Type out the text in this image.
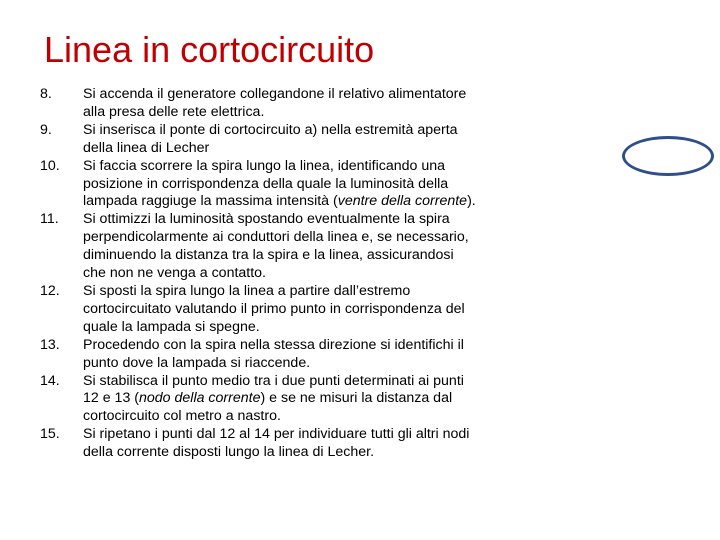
Linea in cortocircuito
8. Si accenda il generatore collegandone il relativo alimentatore alla presa delle rete elettrica.
9. Si inserisca il ponte di cortocircuito a) nella estremità aperta della linea di Lecher
10. Si faccia scorrere la spira lungo la linea, identificando una posizione in corrispondenza della quale la luminosità della lampada raggiuge la massima intensità (ventre della corrente).
11. Si ottimizzi la luminosità spostando eventualmente la spira perpendicolarmente ai conduttori della linea e, se necessario, diminuendo la distanza tra la spira e la linea, assicurandosi che non ne venga a contatto.
12. Si sposti la spira lungo la linea a partire dall’estremo cortocircuitato valutando il primo punto in corrispondenza del quale la lampada si spegne.
13. Procedendo con la spira nella stessa direzione si identifichi il punto dove la lampada si riaccende.
14. Si stabilisca il punto medio tra i due punti determinati ai punti 12 e 13 (nodo della corrente) e se ne misuri la distanza dal cortocircuito col metro a nastro.
15. Si ripetano i punti dal 12 al 14 per individuare tutti gli altri nodi della corrente disposti lungo la linea di Lecher.
